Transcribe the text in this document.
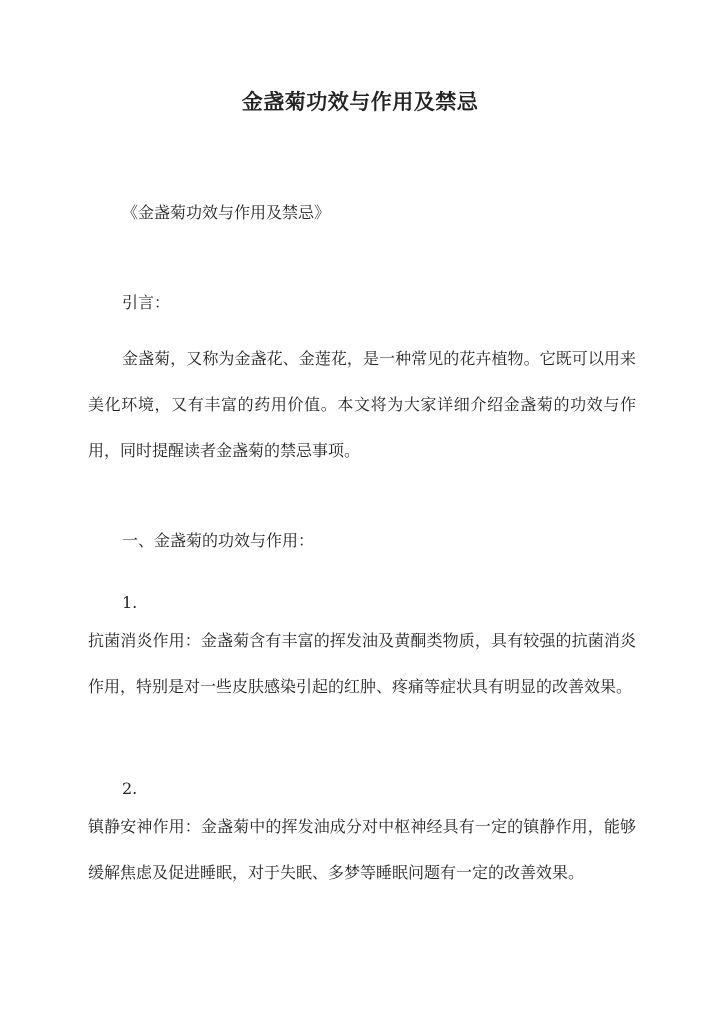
金盏菊功效与作用及禁忌

《金盏菊功效与作用及禁忌》

引言：

金盏菊，又称为金盏花、金莲花，是一种常见的花卉植物。它既可以用来美化环境，又有丰富的药用价值。本文将为大家详细介绍金盏菊的功效与作用，同时提醒读者金盏菊的禁忌事项。

一、金盏菊的功效与作用：

1.

抗菌消炎作用：金盏菊含有丰富的挥发油及黄酮类物质，具有较强的抗菌消炎作用，特别是对一些皮肤感染引起的红肿、疼痛等症状具有明显的改善效果。

2.

镇静安神作用：金盏菊中的挥发油成分对中枢神经具有一定的镇静作用，能够缓解焦虑及促进睡眠，对于失眠、多梦等睡眠问题有一定的改善效果。
